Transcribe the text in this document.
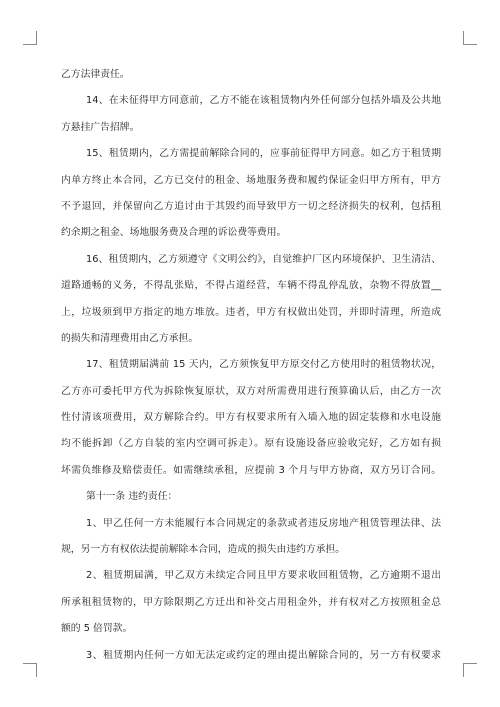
乙方法律责任。
14、在未征得甲方同意前，乙方不能在该租赁物内外任何部分包括外墙及公共地
方悬挂广告招牌。
15、租赁期内，乙方需提前解除合同的，应事前征得甲方同意。如乙方于租赁期
内单方终止本合同，乙方已交付的租金、场地服务费和履约保证金归甲方所有，甲方
不予退回，并保留向乙方追讨由于其毁约而导致甲方一切之经济损失的权利，包括租
约余期之租金、场地服务费及合理的诉讼费等费用。
16、租赁期内，乙方须遵守《文明公约》，自觉维护厂区内环境保护、卫生清洁、
道路通畅的义务，不得乱张贴，不得占道经营，车辆不得乱停乱放，杂物不得放置__
上，垃圾须到甲方指定的地方堆放。违者，甲方有权做出处罚，并即时清理，所造成
的损失和清理费用由乙方承担。
17、租赁期届满前 15 天内，乙方须恢复甲方原交付乙方使用时的租赁物状况，
乙方亦可委托甲方代为拆除恢复原状，双方对所需费用进行预算确认后，由乙方一次
性付清该项费用，双方解除合约。甲方有权要求所有入墙入地的固定装修和水电设施
均不能拆卸（乙方自装的室内空调可拆走）。原有设施设备应验收完好，乙方如有损
坏需负维修及赔偿责任。如需继续承租，应提前 3 个月与甲方协商，双方另订合同。
第十一条 违约责任：
1、甲乙任何一方未能履行本合同规定的条款或者违反房地产租赁管理法律、法
规，另一方有权依法提前解除本合同，造成的损失由违约方承担。
2、租赁期届满，甲乙双方未续定合同且甲方要求收回租赁物，乙方逾期不退出
所承租租赁物的，甲方除限期乙方迁出和补交占用租金外，并有权对乙方按照租金总
额的 5 倍罚款。
3、租赁期内任何一方如无法定或约定的理由提出解除合同的，另一方有权要求
